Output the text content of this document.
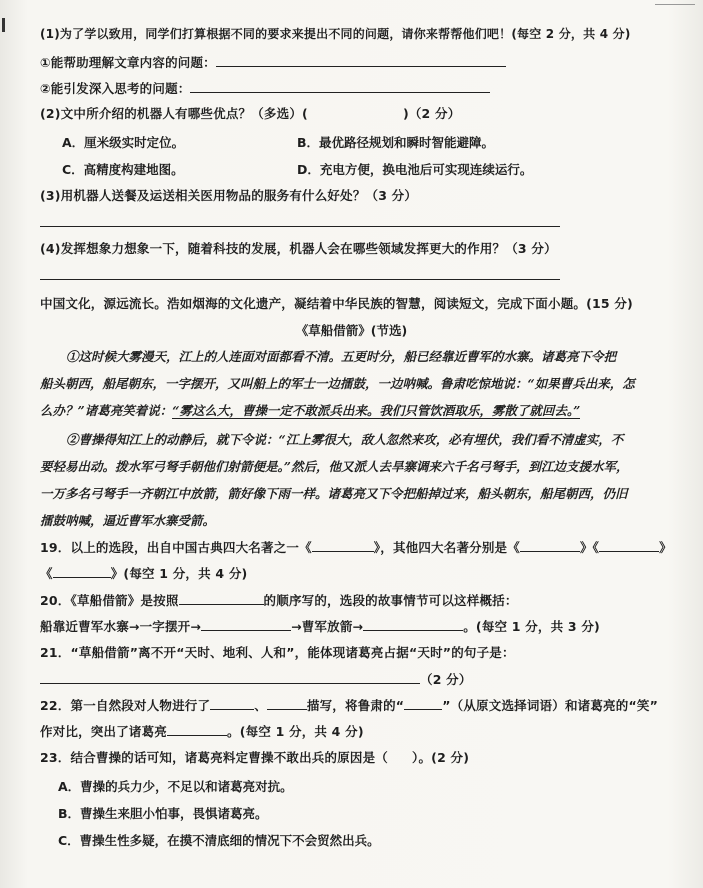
(1)为了学以致用，同学们打算根据不同的要求来提出不同的问题，请你来帮帮他们吧！(每空 2 分，共 4 分)
①能帮助理解文章内容的问题：
②能引发深入思考的问题：
(2)文中所介绍的机器人有哪些优点？（多选）(	)（2 分）
A．厘米级实时定位。	B．最优路径规划和瞬时智能避障。
C．高精度构建地图。	D．充电方便，换电池后可实现连续运行。
(3)用机器人送餐及运送相关医用物品的服务有什么好处？（3 分）
(4)发挥想象力想象一下，随着科技的发展，机器人会在哪些领域发挥更大的作用？（3 分）
中国文化，源远流长。浩如烟海的文化遗产，凝结着中华民族的智慧，阅读短文，完成下面小题。(15 分)
《草船借箭》(节选)
①这时候大雾漫天，江上的人连面对面都看不清。五更时分，船已经靠近曹军的水寨。诸葛亮下令把
船头朝西，船尾朝东，一字摆开，又叫船上的军士一边擂鼓，一边呐喊。鲁肃吃惊地说：“如果曹兵出来，怎
么办？”诸葛亮笑着说：“雾这么大，曹操一定不敢派兵出来。我们只管饮酒取乐，雾散了就回去。”
②曹操得知江上的动静后，就下令说：“江上雾很大，敌人忽然来攻，必有埋伏，我们看不清虚实，不
要轻易出动。拨水军弓弩手朝他们射箭便是。”然后，他又派人去旱寨调来六千名弓弩手，到江边支援水军，
一万多名弓弩手一齐朝江中放箭，箭好像下雨一样。诸葛亮又下令把船掉过来，船头朝东，船尾朝西，仍旧
擂鼓呐喊，逼近曹军水寨受箭。
19．以上的选段，出自中国古典四大名著之一《	》，其他四大名著分别是《	》《	》
《	》(每空 1 分，共 4 分)
20．《草船借箭》是按照	的顺序写的，选段的故事情节可以这样概括：
船靠近曹军水寨→一字摆开→	→曹军放箭→	。(每空 1 分，共 3 分)
21．“草船借箭”离不开“天时、地利、人和”，能体现诸葛亮占据“天时”的句子是：
（2 分）
22．第一自然段对人物进行了	、	描写，将鲁肃的“	”（从原文选择词语）和诸葛亮的“笑”
作对比，突出了诸葛亮	。(每空 1 分，共 4 分)
23．结合曹操的话可知，诸葛亮料定曹操不敢出兵的原因是（ ）。(2 分)
A．曹操的兵力少，不足以和诸葛亮对抗。
B．曹操生来胆小怕事，畏惧诸葛亮。
C．曹操生性多疑，在摸不清底细的情况下不会贸然出兵。
